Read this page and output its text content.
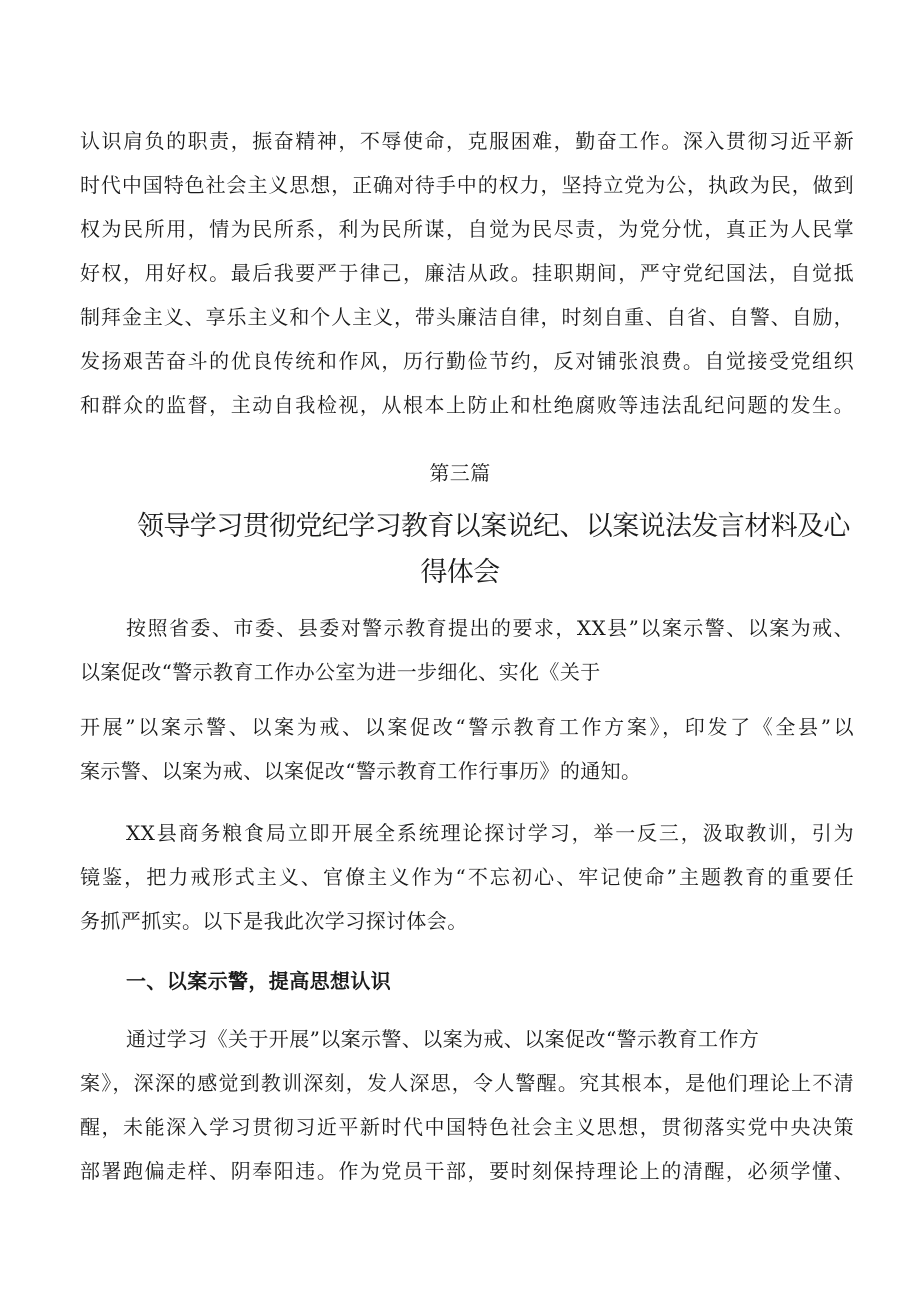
认识肩负的职责，振奋精神，不辱使命，克服困难，勤奋工作。深入贯彻习近平新
时代中国特色社会主义思想，正确对待手中的权力，坚持立党为公，执政为民，做到
权为民所用，情为民所系，利为民所谋，自觉为民尽责，为党分忧，真正为人民掌
好权，用好权。最后我要严于律己，廉洁从政。挂职期间，严守党纪国法，自觉抵
制拜金主义、享乐主义和个人主义，带头廉洁自律，时刻自重、自省、自警、自励，
发扬艰苦奋斗的优良传统和作风，历行勤俭节约，反对铺张浪费。自觉接受党组织
和群众的监督，主动自我检视，从根本上防止和杜绝腐败等违法乱纪问题的发生。
第三篇
领导学习贯彻党纪学习教育以案说纪、以案说法发言材料及心
得体会
按照省委、市委、县委对警示教育提出的要求，XX县”以案示警、以案为戒、
以案促改“警示教育工作办公室为进一步细化、实化《关于
开展”以案示警、以案为戒、以案促改“警示教育工作方案》，印发了《全县”以
案示警、以案为戒、以案促改“警示教育工作行事历》的通知。
XX县商务粮食局立即开展全系统理论探讨学习，举一反三，汲取教训，引为
镜鉴，把力戒形式主义、官僚主义作为“不忘初心、牢记使命”主题教育的重要任
务抓严抓实。以下是我此次学习探讨体会。
一、以案示警，提高思想认识
通过学习《关于开展”以案示警、以案为戒、以案促改“警示教育工作方
案》，深深的感觉到教训深刻，发人深思，令人警醒。究其根本，是他们理论上不清
醒，未能深入学习贯彻习近平新时代中国特色社会主义思想，贯彻落实党中央决策
部署跑偏走样、阴奉阳违。作为党员干部，要时刻保持理论上的清醒，必须学懂、
